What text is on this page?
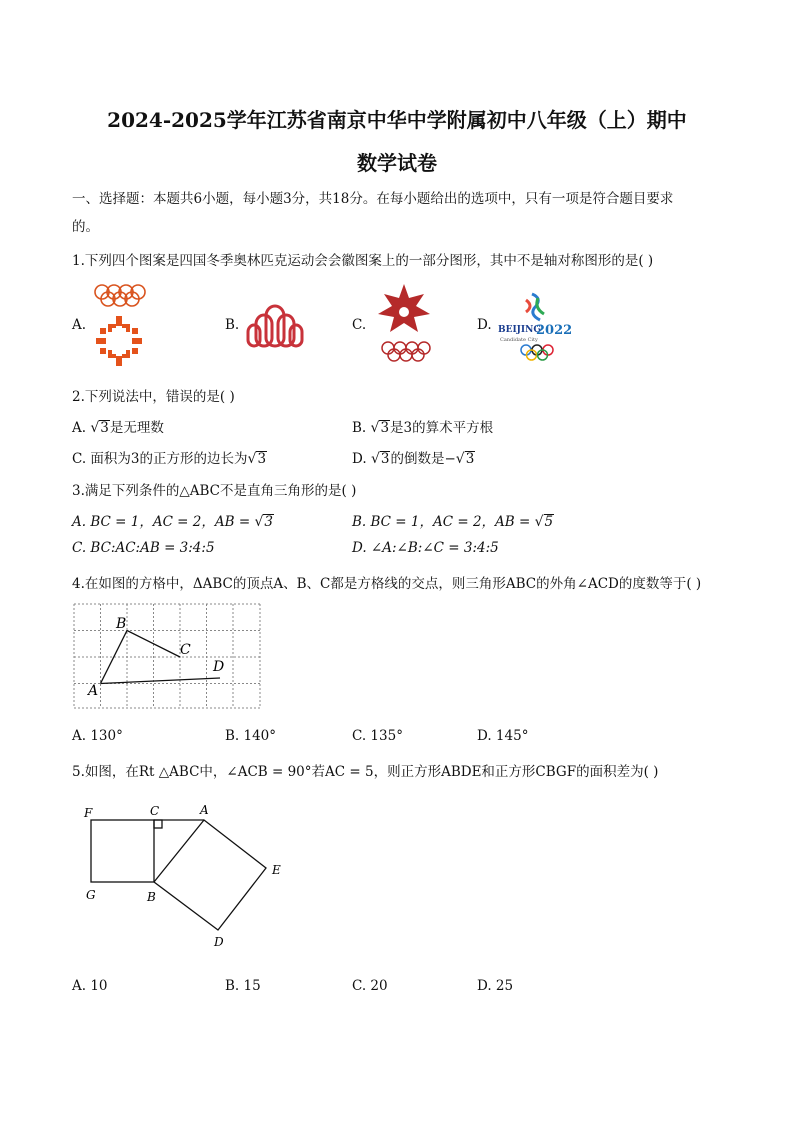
2024-2025学年江苏省南京中华中学附属初中八年级（上）期中
数学试卷
一、选择题：本题共6小题，每小题3分，共18分。在每小题给出的选项中，只有一项是符合题目要求
的。
1.下列四个图案是四国冬季奥林匹克运动会会徽图案上的一部分图形，其中不是轴对称图形的是( )
A.	B.	C.	D. BEIJING
2022
Candidate City
2.下列说法中，错误的是( )
A. √3是无理数	B. √3是3的算术平方根
C. 面积为3的正方形的边长为√3	D. √3的倒数是−√3
3.满足下列条件的△ABC不是直角三角形的是( )
A. BC = 1，AC = 2，AB = √3	B. BC = 1，AC = 2，AB = √5
C. BC:AC:AB = 3:4:5	D. ∠A:∠B:∠C = 3:4:5
4.在如图的方格中，ΔABC的顶点A、B、C都是方格线的交点，则三角形ABC的外角∠ACD的度数等于( )
A
B
C
D
A. 130°	B. 140°	C. 135°	D. 145°
5.如图，在Rt △ABC中，∠ACB = 90°若AC = 5，则正方形ABDE和正方形CBGF的面积差为( )
F	C	A
E
G	B
D
A. 10	B. 15	C. 20	D. 25
